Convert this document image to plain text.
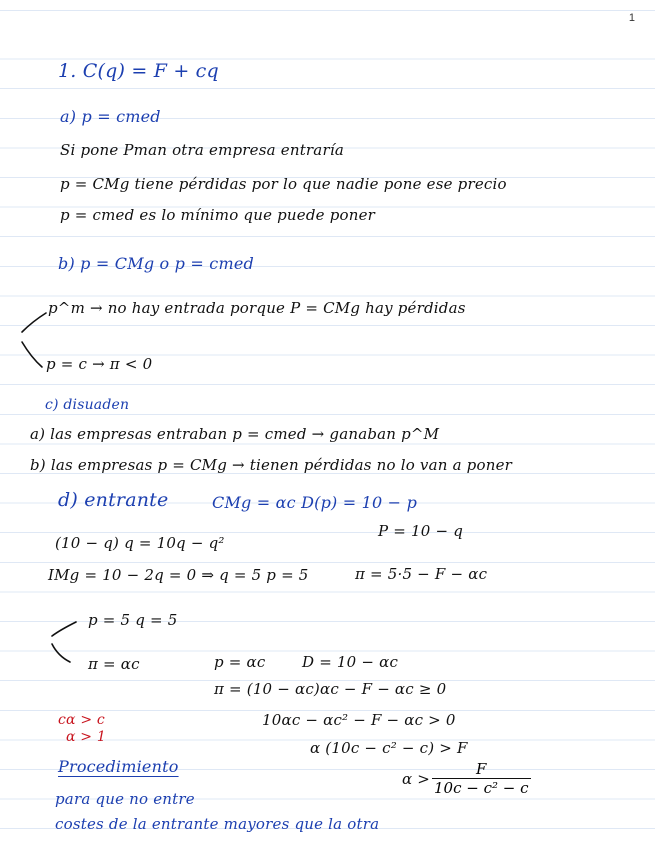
1
1. C(q) = F + cq
a) p = cmed
Si pone Pman otra empresa entraría
p = CMg tiene pérdidas por lo que nadie pone ese precio
p = cmed es lo mínimo que puede poner
b) p = CMg o p = cmed
p^m → no hay entrada porque P = CMg hay pérdidas
p = c → π < 0
c) disuaden
a) las empresas entraban p = cmed → ganaban p^M
b) las empresas p = CMg → tienen pérdidas no lo van a poner
d) entrante	CMg = αc D(p) = 10 − p
P = 10 − q
(10 − q) q = 10q − q²
IMg = 10 − 2q = 0 ⇒ q = 5 p = 5	π = 5·5 − F − αc
p = 5 q = 5
π = αc	p = αc D = 10 − αc
π = (10 − αc)αc − F − αc ≥ 0
10αc − αc² − F − αc > 0
α (10c − c² − c) > F
$\alpha > \frac{F}{\text{10c − c² − c}}$
cα > c
α > 1
Procedimiento
para que no entre
costes de la entrante mayores que la otra
